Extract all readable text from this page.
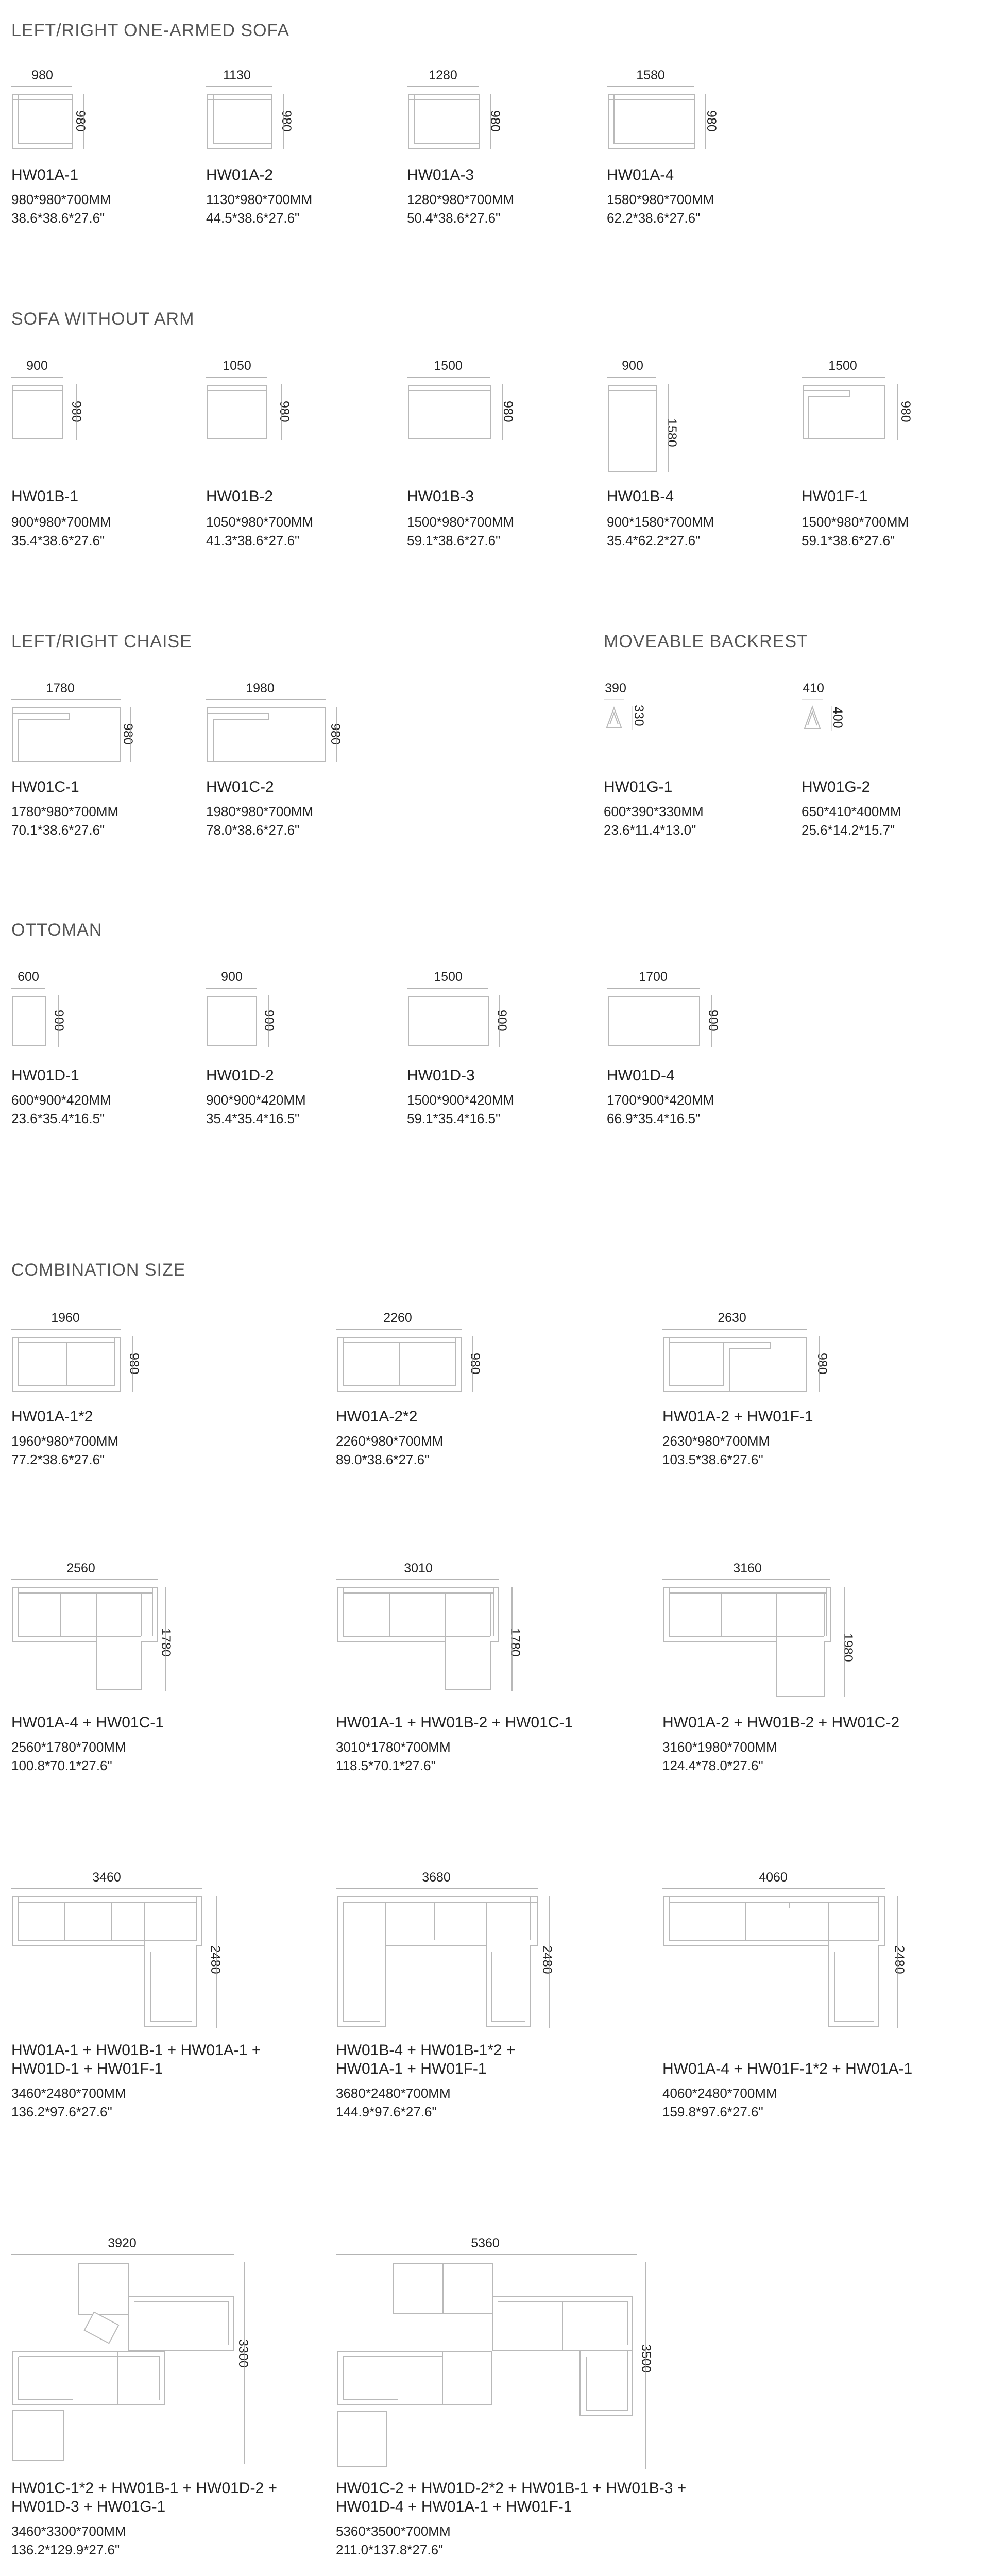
LEFT/RIGHT ONE-ARMED SOFA
SOFA WITHOUT ARM
LEFT/RIGHT CHAISE	MOVEABLE BACKREST
OTTOMAN
COMBINATION SIZE
980
980
HW01A-1
980*980*700MM
38.6*38.6*27.6"
1130
980
HW01A-2
1130*980*700MM
44.5*38.6*27.6"
1280
980
HW01A-3
1280*980*700MM
50.4*38.6*27.6"
1580
980
HW01A-4
1580*980*700MM
62.2*38.6*27.6"
900
980
HW01B-1
900*980*700MM
35.4*38.6*27.6"
1050
980
HW01B-2
1050*980*700MM
41.3*38.6*27.6"
1500
980
HW01B-3
1500*980*700MM
59.1*38.6*27.6"
900
1580
HW01B-4
900*1580*700MM
35.4*62.2*27.6"
1500
980
HW01F-1
1500*980*700MM
59.1*38.6*27.6"
1780
980
HW01C-1
1780*980*700MM
70.1*38.6*27.6"
1980
980
HW01C-2
1980*980*700MM
78.0*38.6*27.6"
390
330
HW01G-1
600*390*330MM
23.6*11.4*13.0"
410
400
HW01G-2
650*410*400MM
25.6*14.2*15.7"
600
900
HW01D-1
600*900*420MM
23.6*35.4*16.5"
900
900
HW01D-2
900*900*420MM
35.4*35.4*16.5"
1500
900
HW01D-3
1500*900*420MM
59.1*35.4*16.5"
1700
900
HW01D-4
1700*900*420MM
66.9*35.4*16.5"
1960
980
HW01A-1*2
1960*980*700MM
77.2*38.6*27.6"
2260
980
HW01A-2*2
2260*980*700MM
89.0*38.6*27.6"
2630
980
HW01A-2 + HW01F-1
2630*980*700MM
103.5*38.6*27.6"
2560
1780
HW01A-4 + HW01C-1
2560*1780*700MM
100.8*70.1*27.6"
3010
1780
HW01A-1 + HW01B-2 + HW01C-1
3010*1780*700MM
118.5*70.1*27.6"
3160
1980
HW01A-2 + HW01B-2 + HW01C-2
3160*1980*700MM
124.4*78.0*27.6"
3460
2480
HW01A-1 + HW01B-1 + HW01A-1 +
HW01D-1 + HW01F-1
3460*2480*700MM
136.2*97.6*27.6"
3680
2480
HW01B-4 + HW01B-1*2 +
HW01A-1 + HW01F-1
3680*2480*700MM
144.9*97.6*27.6"
4060
2480
HW01A-4 + HW01F-1*2 + HW01A-1
4060*2480*700MM
159.8*97.6*27.6"
3920
3300
HW01C-1*2 + HW01B-1 + HW01D-2 +
HW01D-3 + HW01G-1
3460*3300*700MM
136.2*129.9*27.6"
5360
3500
HW01C-2 + HW01D-2*2 + HW01B-1 + HW01B-3 +
HW01D-4 + HW01A-1 + HW01F-1
5360*3500*700MM
211.0*137.8*27.6"
